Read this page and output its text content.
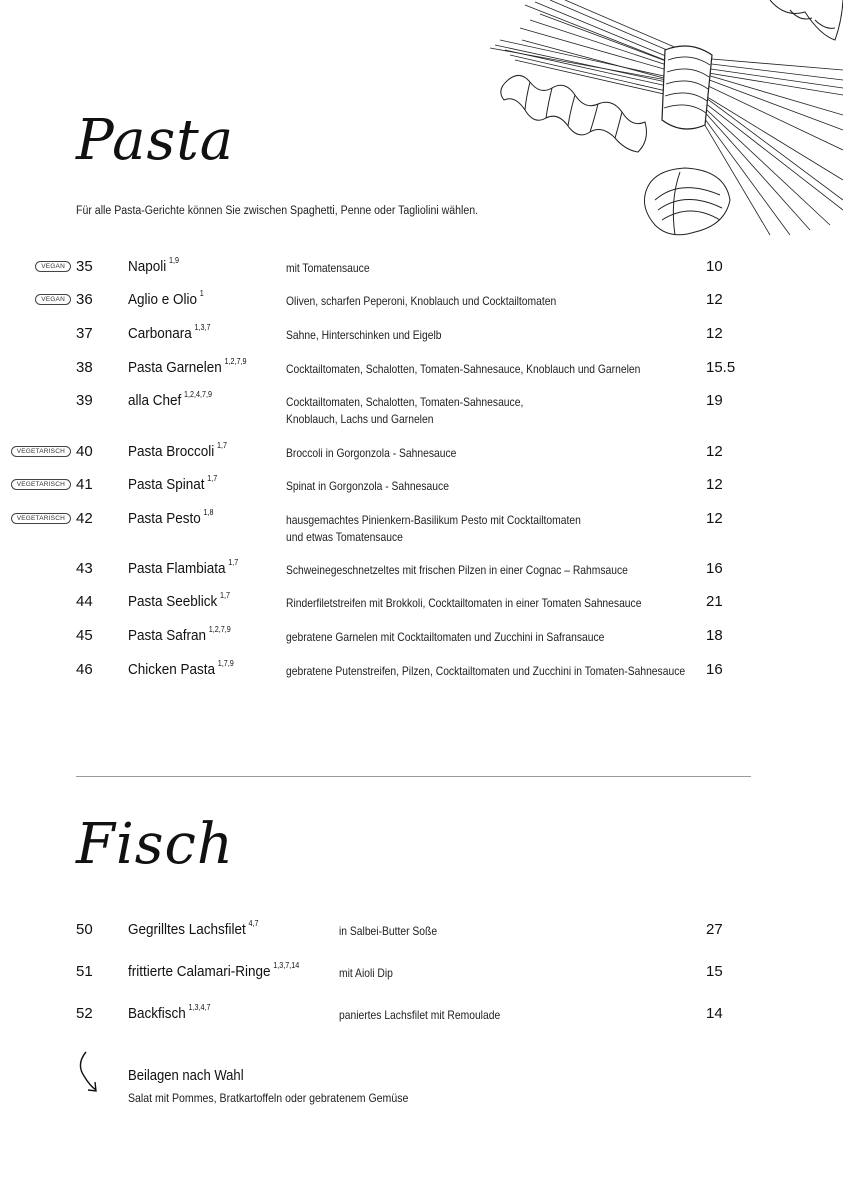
Pasta
Für alle Pasta-Gerichte können Sie zwischen Spaghetti, Penne oder Tagliolini wählen.
VEGAN 35 Napoli $^{1,9}$
mit Tomatensauce	10
VEGAN 36 Aglio e Olio $^1$
Oliven, scharfen Peperoni, Knoblauch und Cocktailtomaten	12
37 Carbonara $^{1,3,7}$
Sahne, Hinterschinken und Eigelb	12
38 Pasta Garnelen $^{1,2,7,9}$
Cocktailtomaten, Schalotten, Tomaten-Sahnesauce, Knoblauch und Garnelen	15.5
39 alla Chef $^{1,2,4,7,9}$
Cocktailtomaten, Schalotten, Tomaten-Sahnesauce,
Knoblauch, Lachs und Garnelen
19
VEGETARISCH 40 Pasta Broccoli $^{1,7}$
Broccoli in Gorgonzola - Sahnesauce	12
VEGETARISCH 41 Pasta Spinat $^{1,7}$
Spinat in Gorgonzola - Sahnesauce	12
VEGETARISCH 42 Pasta Pesto $^{1,8}$
hausgemachtes Pinienkern-Basilikum Pesto mit Cocktailtomaten
und etwas Tomatensauce
12
43 Pasta Flambiata $^{1,7}$
Schweinegeschnetzeltes mit frischen Pilzen in einer Cognac – Rahmsauce	16
44 Pasta Seeblick $^{1,7}$
Rinderfiletstreifen mit Brokkoli, Cocktailtomaten in einer Tomaten Sahnesauce	21
45 Pasta Safran $^{1,2,7,9}$
gebratene Garnelen mit Cocktailtomaten und Zucchini in Safransauce	18
46 Chicken Pasta $^{1,7,9}$
gebratene Putenstreifen, Pilzen, Cocktailtomaten und Zucchini in Tomaten-Sahnesauce 16
Fisch
50 Gegrilltes Lachsfilet $^{4,7}$
in Salbei-Butter Soße	27
51 frittierte Calamari-Ringe $^{1,3,7,14}$
mit Aioli Dip	15
52 Backfisch $^{1,3,4,7}$
paniertes Lachsfilet mit Remoulade	14
Beilagen nach Wahl
Salat mit Pommes, Bratkartoffeln oder gebratenem Gemüse
